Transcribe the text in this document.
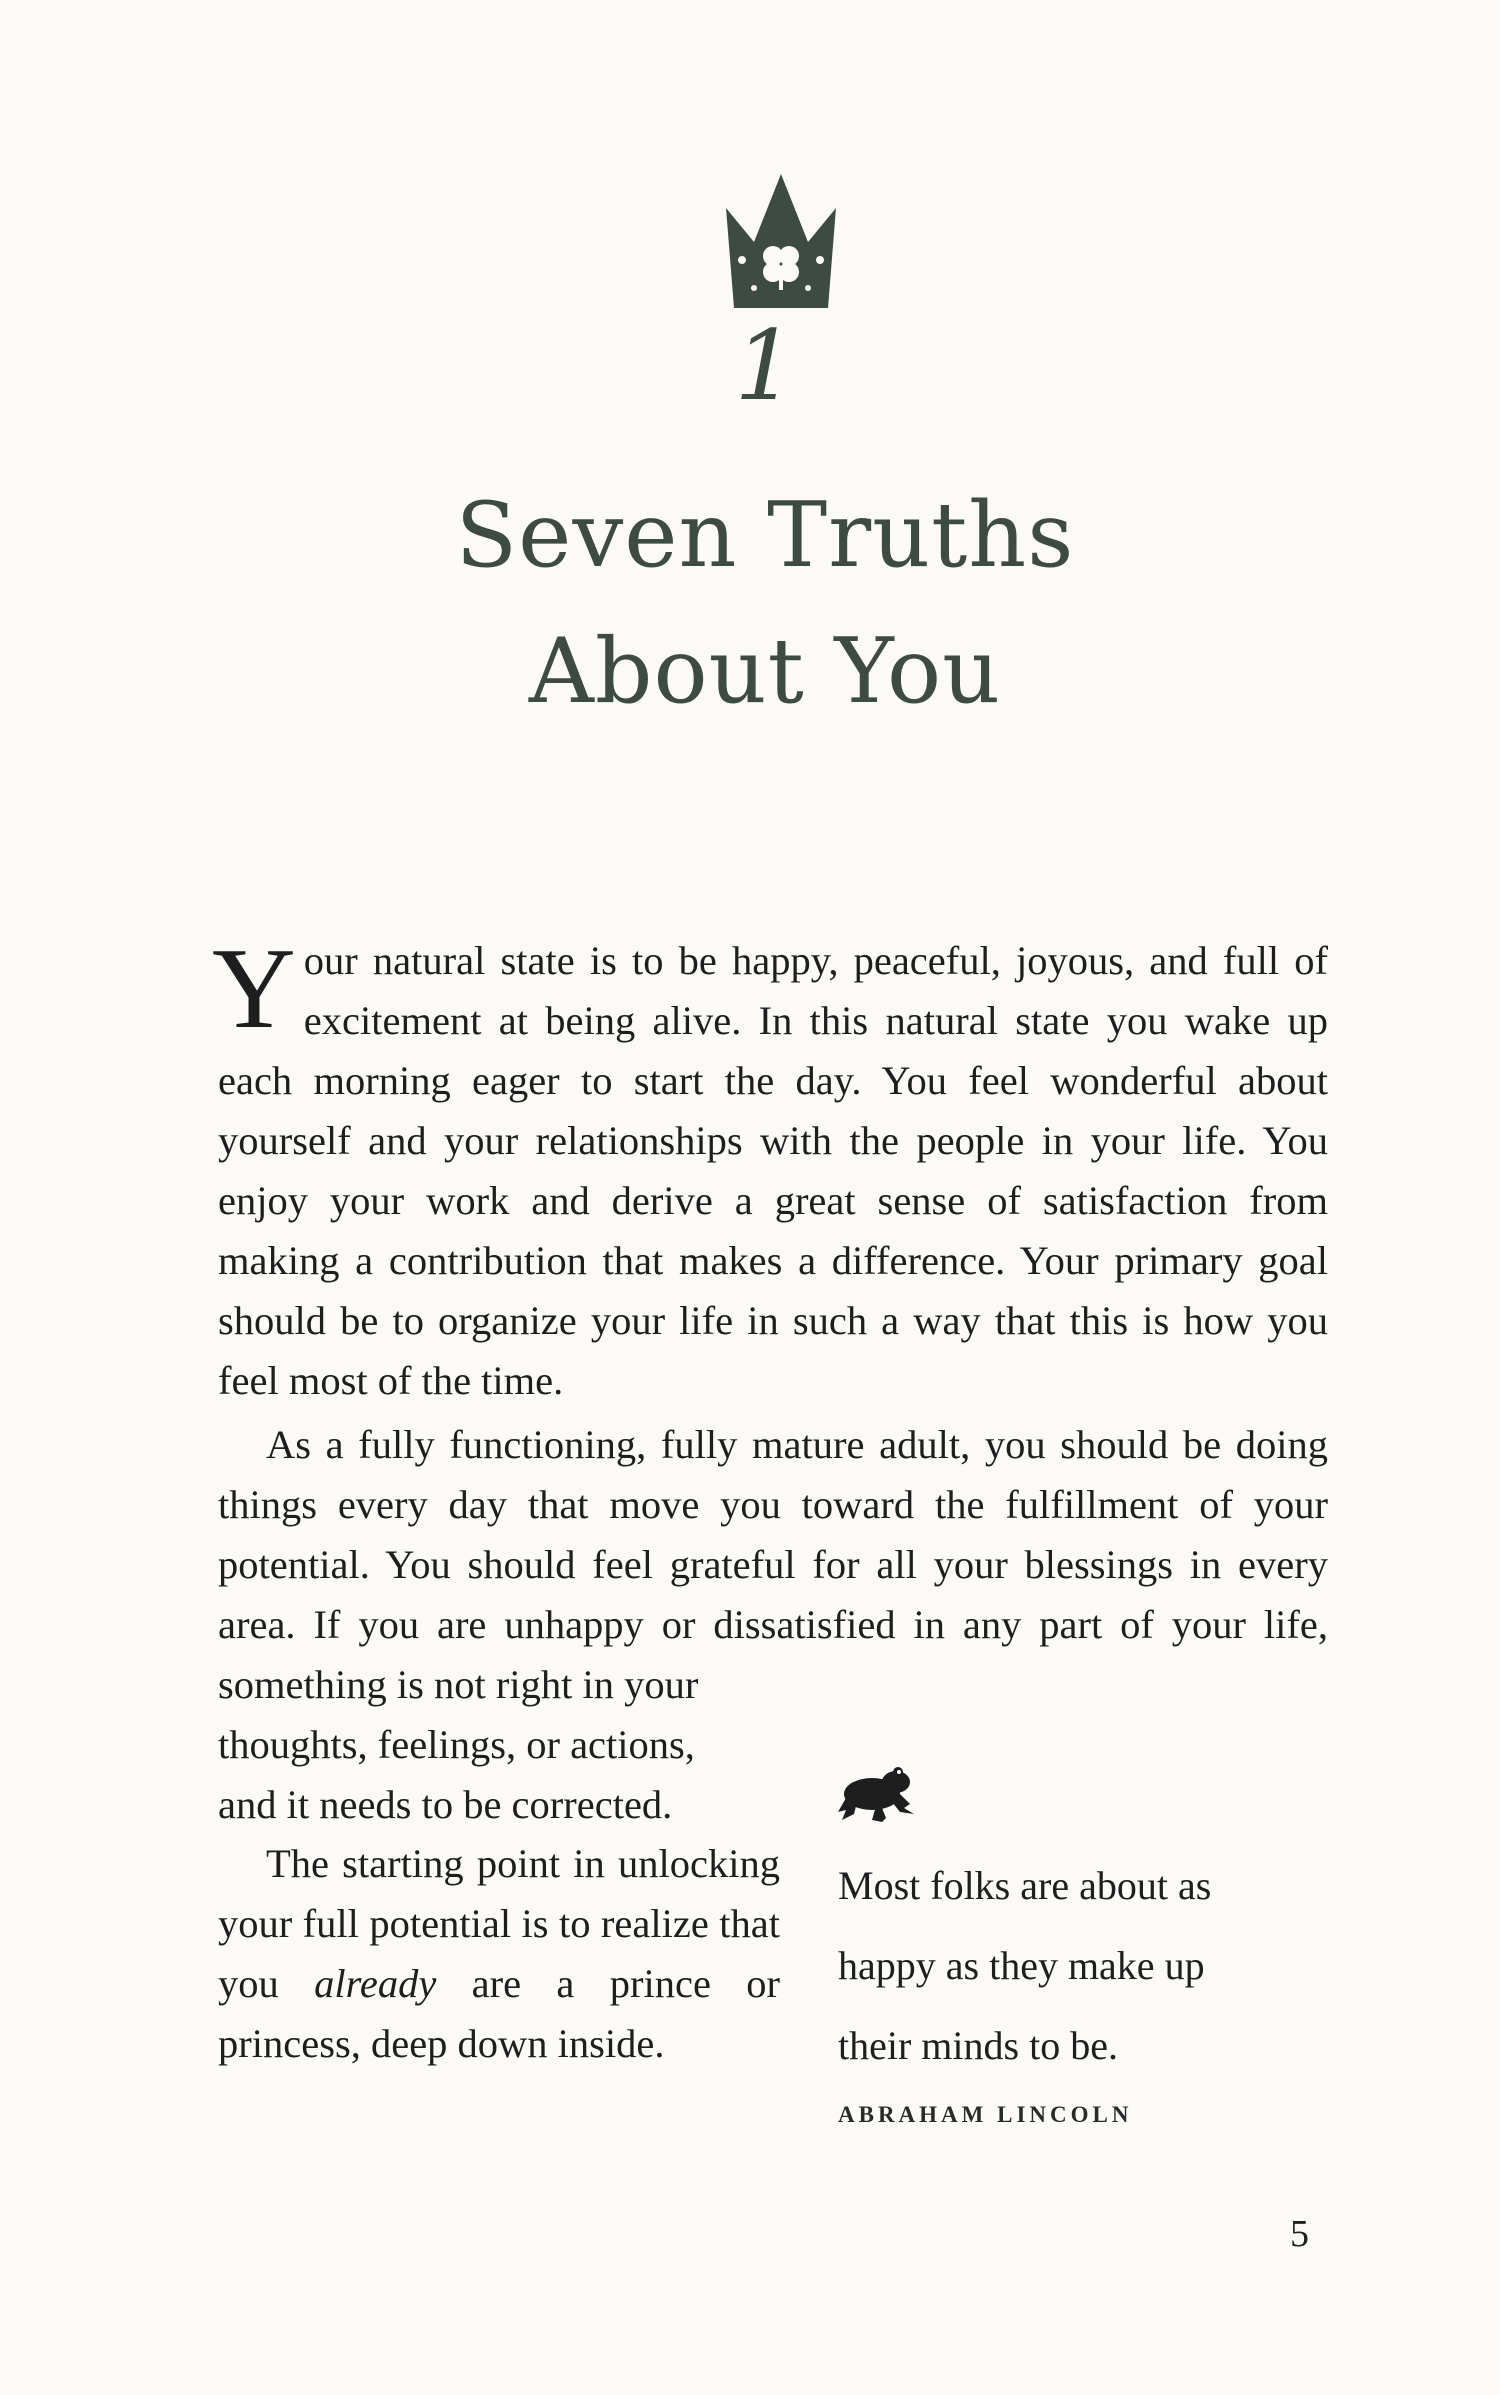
1
Seven Truths
About You

Your natural state is to be happy, peaceful, joyous, and full of excitement at being alive. In this natural state you wake up each morning eager to start the day. You feel wonderful about yourself and your relationships with the people in your life. You enjoy your work and derive a great sense of satisfaction from making a contribution that makes a difference. Your primary goal should be to organize your life in such a way that this is how you feel most of the time.

As a fully functioning, fully mature adult, you should be doing things every day that move you toward the fulfillment of your potential. You should feel grateful for all your blessings in every area. If you are unhappy or dissatisfied in any part of your life, something is not right in your

thoughts, feelings, or actions,
and it needs to be corrected.

The starting point in unlocking your full potential is to realize that you already are a prince or princess, deep down inside.

Most folks are about as
happy as they make up
their minds to be.
ABRAHAM LINCOLN
5
